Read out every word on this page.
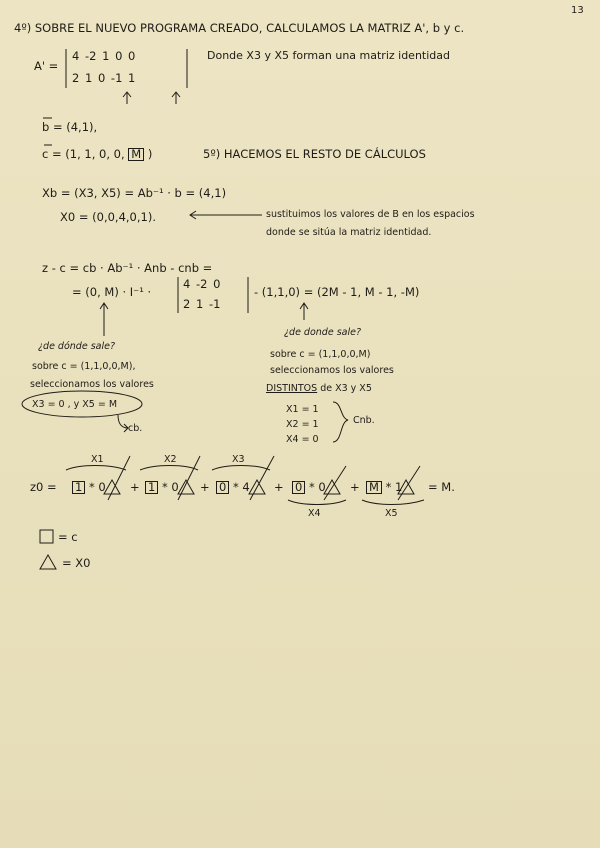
13
4º) SOBRE EL NUEVO PROGRAMA CREADO, CALCULAMOS LA MATRIZ A', b y c.
A' =
4 -2 1 0 0
2 1 0 -1 1
Donde X3 y X5 forman una matriz identidad
b = (4,1),
c = (1, 1, 0, 0, M )	5º) HACEMOS EL RESTO DE CÁLCULOS
Xb = (X3, X5) = Ab⁻¹ · b = (4,1)
X0 = (0,0,4,0,1).	sustituimos los valores de B en los espacios
donde se sitúa la matriz identidad.
z - c = cb · Ab⁻¹ · Anb - cnb =
= (0, M) · I⁻¹ ·
4 -2 0
2 1 -1
- (1,1,0) = (2M - 1, M - 1, -M)
¿de dónde sale?
sobre c = (1,1,0,0,M),
seleccionamos los valores
X3 = 0 , y X5 = M
cb.
¿de donde sale?
sobre c = (1,1,0,0,M)
seleccionamos los valores
DISTINTOS de X3 y X5
X1 = 1
X2 = 1
X4 = 0
Cnb.
z0 =
X1	X2	X3
X4	X5
1 * 0 + 1 * 0 + 0 * 4 + 0 * 0 + M * 1 = M.
= c
= X0
